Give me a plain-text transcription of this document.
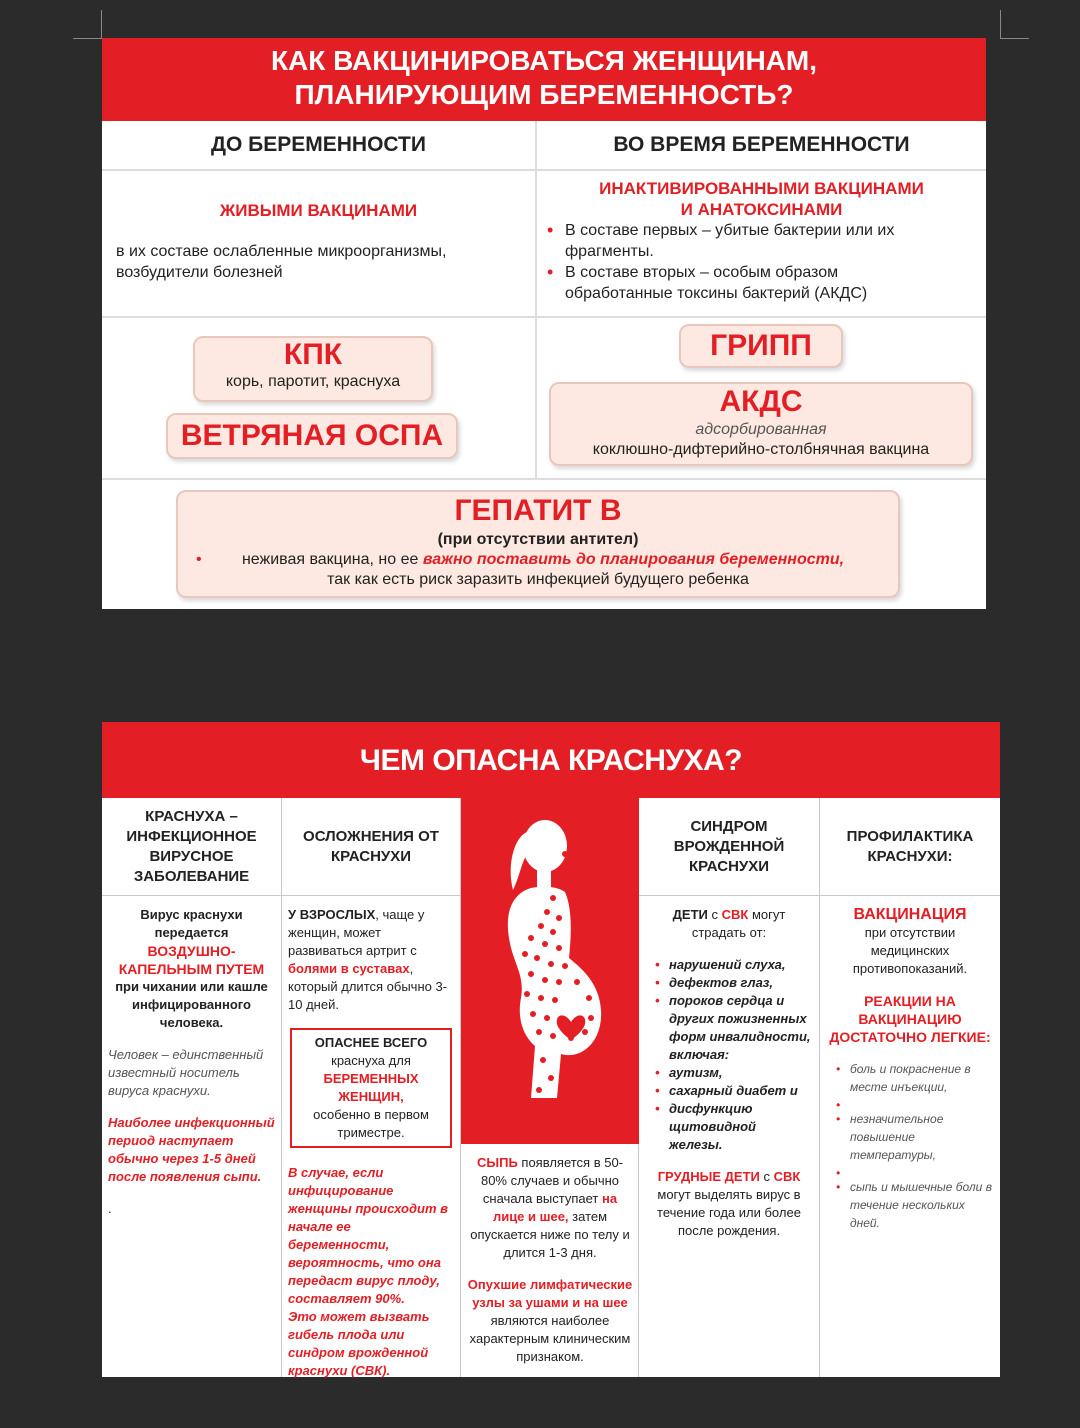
КАК ВАКЦИНИРОВАТЬСЯ ЖЕНЩИНАМ,
ПЛАНИРУЮЩИМ БЕРЕМЕННОСТЬ?
ДО БЕРЕМЕННОСТИ	ВО ВРЕМЯ БЕРЕМЕННОСТИ
ЖИВЫМИ ВАКЦИНАМИ
в их составе ослабленные микроорганизмы, возбудители болезней
ИНАКТИВИРОВАННЫМИ ВАКЦИНАМИ
И АНАТОКСИНАМИ
• В составе первых – убитые бактерии или их фрагменты.
• В составе вторых – особым образом обработанные токсины бактерий (АКДС)
КПК
корь, паротит, краснуха
ВЕТРЯНАЯ ОСПА
ГРИПП
АКДС
адсорбированная
коклюшно-дифтерийно-столбнячная вакцина
ГЕПАТИТ В
(при отсутствии антител)
•	неживая вакцина, но ее важно поставить до планирования беременности,
так как есть риск заразить инфекцией будущего ребенка
ЧЕМ ОПАСНА КРАСНУХА?
КРАСНУХА – ИНФЕКЦИОННОЕ ВИРУСНОЕ ЗАБОЛЕВАНИЕ
Вирус краснухи передается
ВОЗДУШНО-КАПЕЛЬНЫМ ПУТЕМ
при чихании или кашле инфицированного человека.
Человек – единственный известный носитель вируса краснухи.
Наиболее инфекционный период наступает обычно через 1-5 дней после появления сыпи.
.
ОСЛОЖНЕНИЯ ОТ КРАСНУХИ
У ВЗРОСЛЫХ, чаще у женщин, может развиваться артрит с болями в суставах, который длится обычно 3-10 дней.
ОПАСНЕЕ ВСЕГО
краснуха для
БЕРЕМЕННЫХ ЖЕНЩИН,
особенно в первом триместре.
В случае, если инфицирование женщины происходит в начале ее беременности, вероятность, что она передаст вирус плоду, составляет 90%.
Это может вызвать гибель плода или синдром врожденной краснухи (СВК).
СЫПЬ появляется в 50-80% случаев и обычно сначала выступает на лице и шее, затем опускается ниже по телу и длится 1-3 дня.
Опухшие лимфатические узлы за ушами и на шее являются наиболее характерным клиническим признаком.
СИНДРОМ ВРОЖДЕННОЙ КРАСНУХИ
ДЕТИ с СВК могут страдать от:
• нарушений слуха,
• дефектов глаз,
• пороков сердца и других пожизненных форм инвалидности, включая:
• аутизм,
• сахарный диабет и
• дисфункцию щитовидной железы.
ГРУДНЫЕ ДЕТИ с СВК могут выделять вирус в течение года или более после рождения.
ПРОФИЛАКТИКА КРАСНУХИ:
ВАКЦИНАЦИЯ
при отсутствии медицинских противопоказаний.
РЕАКЦИИ НА ВАКЦИНАЦИЮ ДОСТАТОЧНО ЛЕГКИЕ:
• боль и покраснение в месте инъекции,
•
• незначительное повышение температуры,
•
• сыпь и мышечные боли в течение нескольких дней.
